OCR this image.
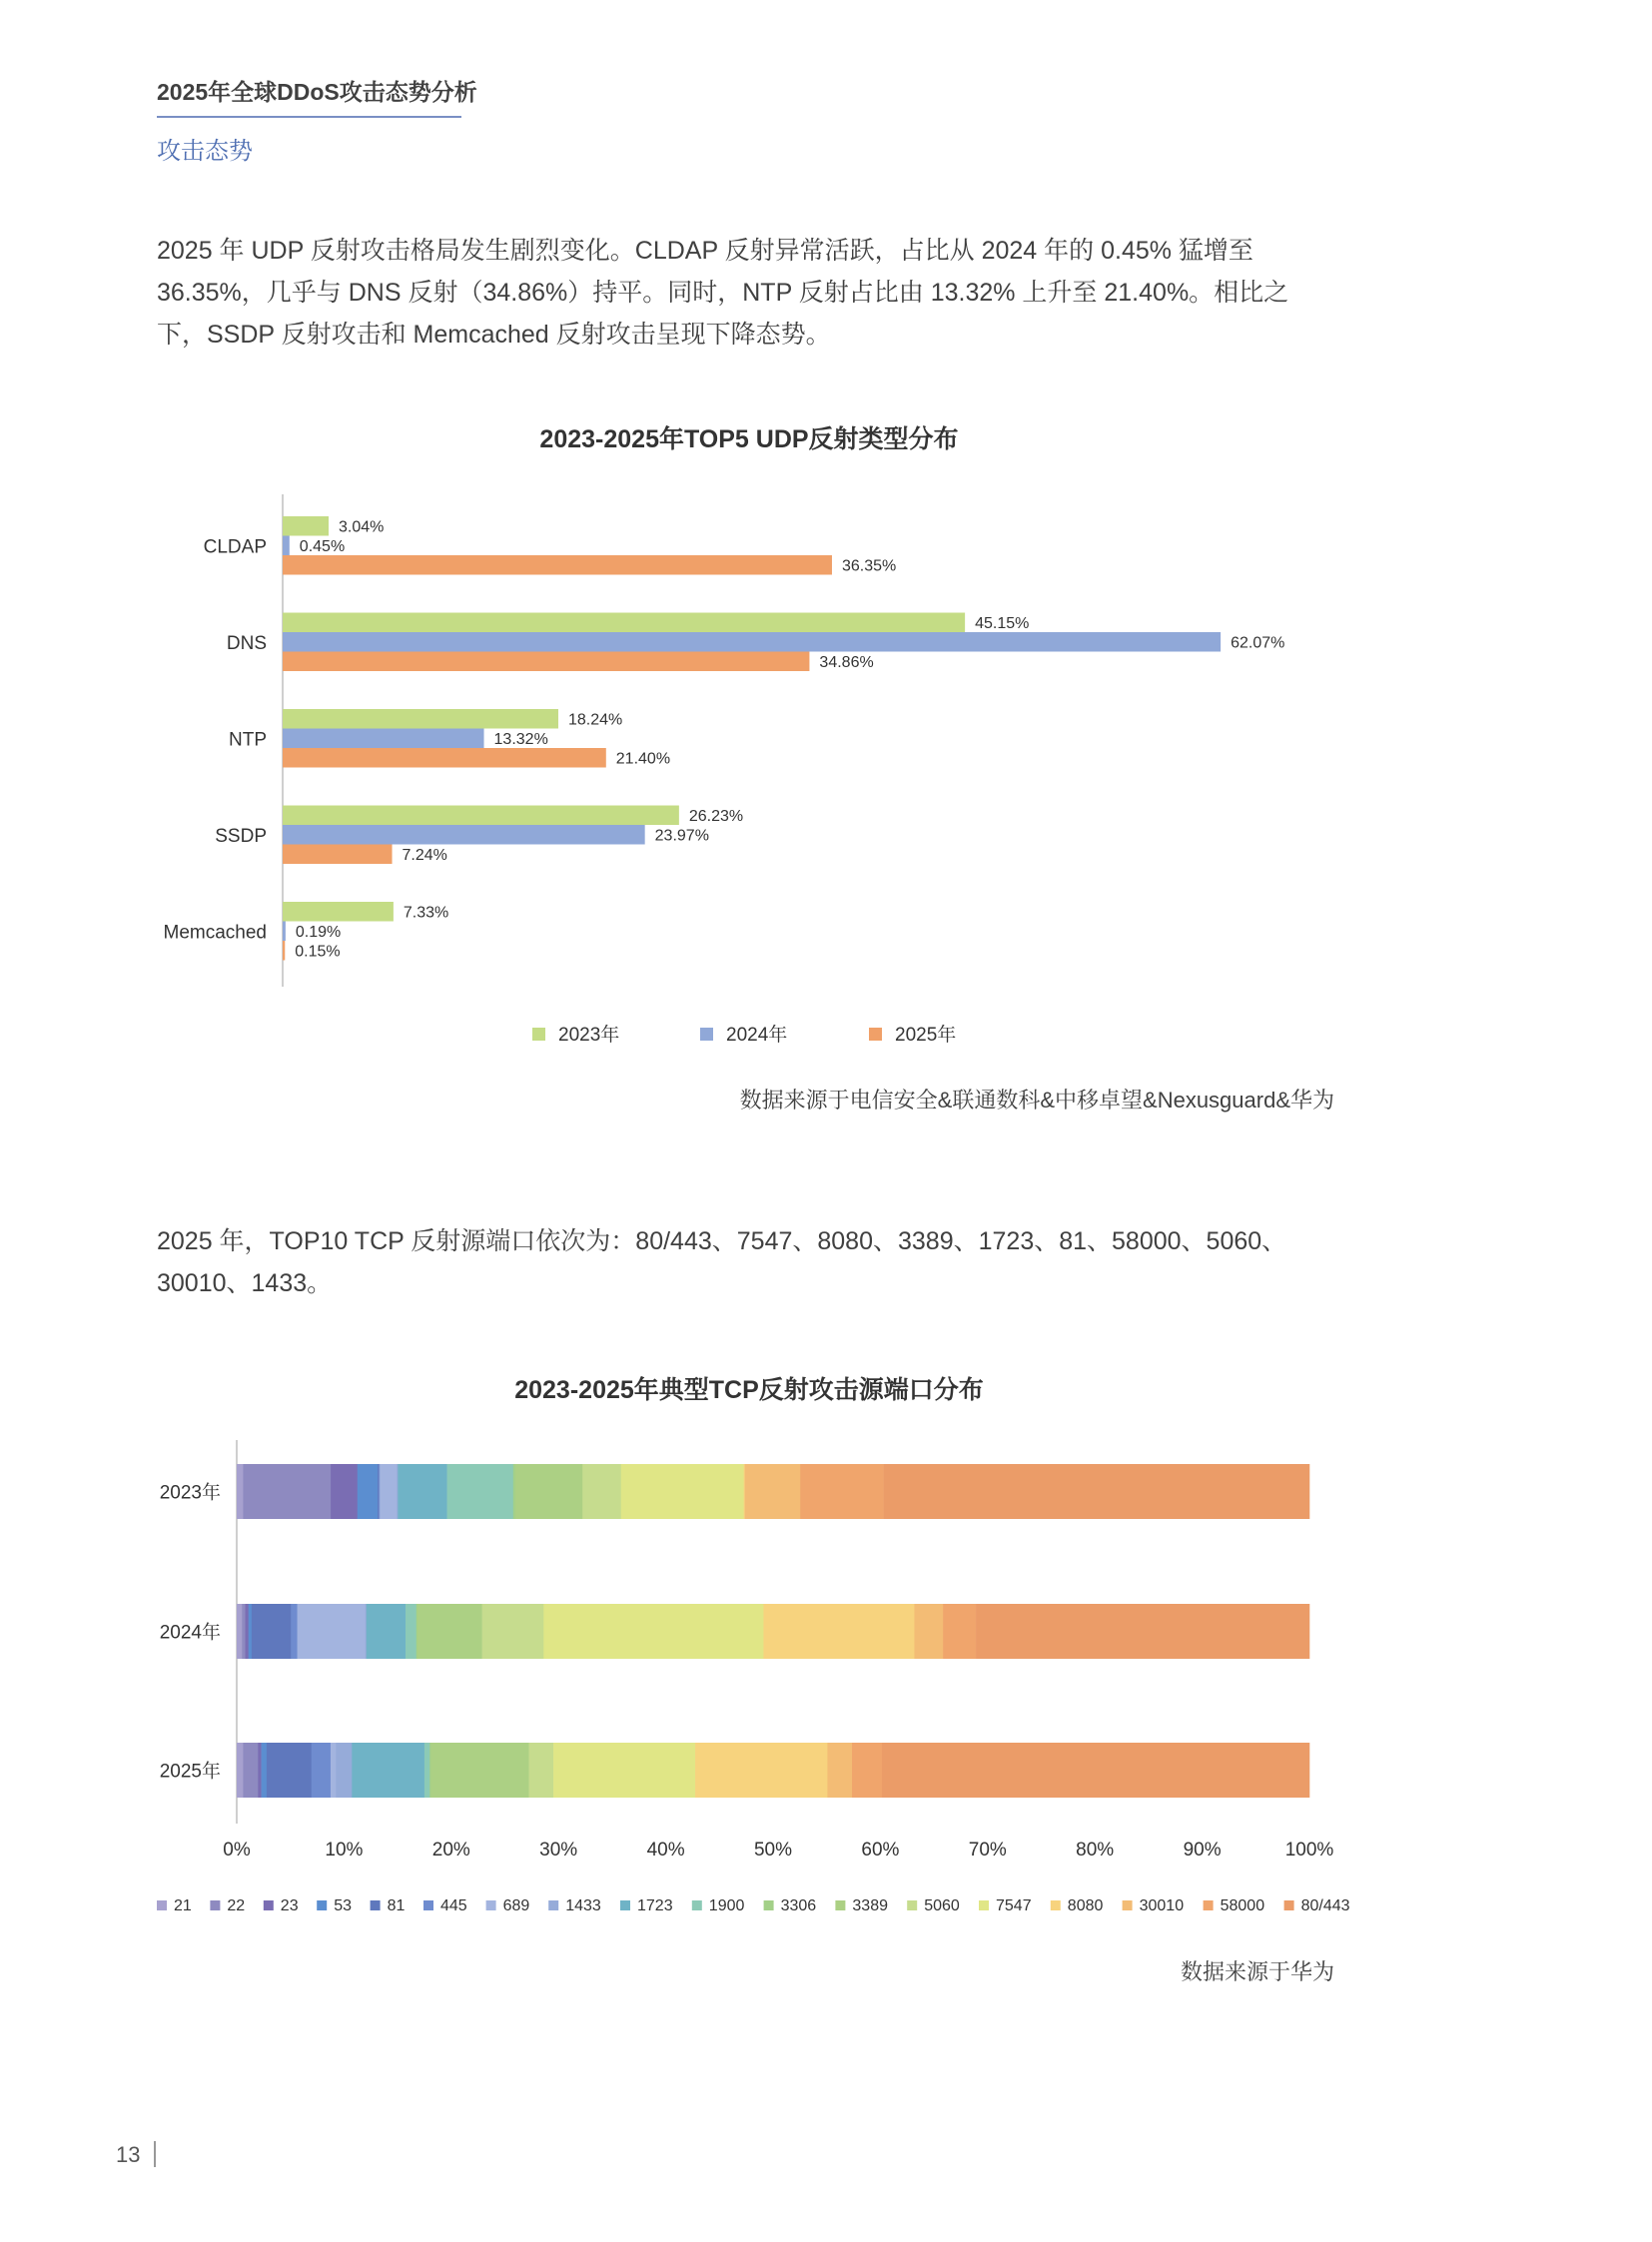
2025年全球DDoS攻击态势分析
攻击态势

2025 年 UDP 反射攻击格局发生剧烈变化。CLDAP 反射异常活跃，占比从 2024 年的 0.45% 猛增至 36.35%，几乎与 DNS 反射（34.86%）持平。同时，NTP 反射占比由 13.32% 上升至 21.40%。相比之下，SSDP 反射攻击和 Memcached 反射攻击呈现下降态势。

2023-2025年TOP5 UDP反射类型分布
CLDAP
3.04%
0.45%
36.35%
DNS
45.15%
62.07%
34.86%
NTP
18.24%
13.32%
21.40%
SSDP
26.23%
23.97%
7.24%
Memcached
7.33%
0.19%
0.15%
2023年	2024年	2025年
数据来源于电信安全&联通数科&中移卓望&Nexusguard&华为

2025 年，TOP10 TCP 反射源端口依次为：80/443、7547、8080、3389、1723、81、58000、5060、30010、1433。

2023-2025年典型TCP反射攻击源端口分布
2023年
2024年
2025年
0%	10%	20%	30%	40%	50%	60%	70%	80%	90%	100%
21 22 23 53 81 445 689 1433 1723 1900 3306 3389 5060 7547 8080 30010 58000 80/443
数据来源于华为
13
